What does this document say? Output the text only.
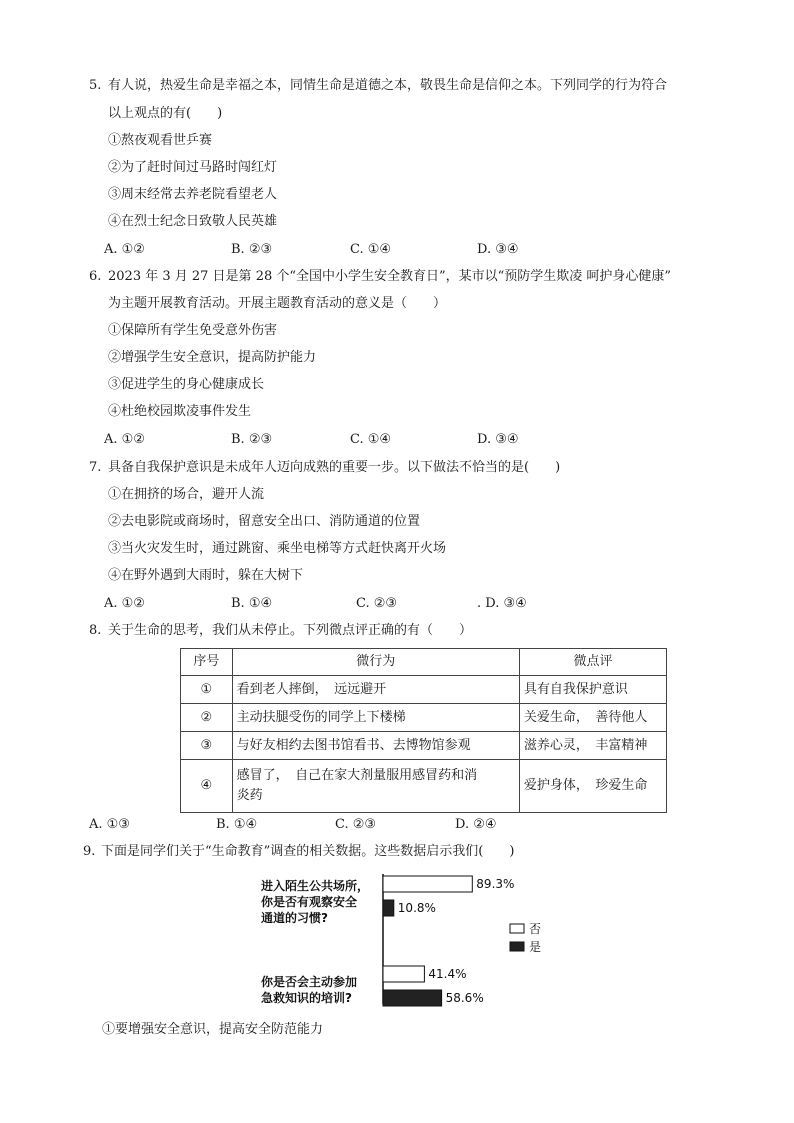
5. 有人说，热爱生命是幸福之本，同情生命是道德之本，敬畏生命是信仰之本。下列同学的行为符合
以上观点的有(　　)
①熬夜观看世乒赛
②为了赶时间过马路时闯红灯
③周末经常去养老院看望老人
④在烈士纪念日致敬人民英雄
A. ①②	B. ②③	C. ①④	D. ③④
6. 2023 年 3 月 27 日是第 28 个“全国中小学生安全教育日”，某市以“预防学生欺凌 呵护身心健康”
为主题开展教育活动。开展主题教育活动的意义是（　　）
①保障所有学生免受意外伤害
②增强学生安全意识，提高防护能力
③促进学生的身心健康成长
④杜绝校园欺凌事件发生
A. ①②	B. ②③	C. ①④	D. ③④
7. 具备自我保护意识是未成年人迈向成熟的重要一步。以下做法不恰当的是(　　)
①在拥挤的场合，避开人流
②去电影院或商场时，留意安全出口、消防通道的位置
③当火灾发生时，通过跳窗、乘坐电梯等方式赶快离开火场
④在野外遇到大雨时，躲在大树下
A. ①②	B. ①④	C. ②③	. D. ③④
8. 关于生命的思考，我们从未停止。下列微点评正确的有（　　）
序号	微行为	微点评
①	看到老人摔倒，　远远避开	具有自我保护意识
②	主动扶腿受伤的同学上下楼梯	关爱生命，　善待他人
③	与好友相约去图书馆看书、去博物馆参观	滋养心灵，　丰富精神
④	感冒了，　自己在家大剂量服用感冒药和消
炎药	爱护身体，　珍爱生命
A. ①③	B. ①④	C. ②③	D. ②④
9. 下面是同学们关于“生命教育”调查的相关数据。这些数据启示我们(　　)
进入陌生公共场所，
你是否有观察安全
通道的习惯?
你是否会主动参加
急救知识的培训?
89.3%
41.4%
10.8%
58.6%
否
是
①要增强安全意识，提高安全防范能力
